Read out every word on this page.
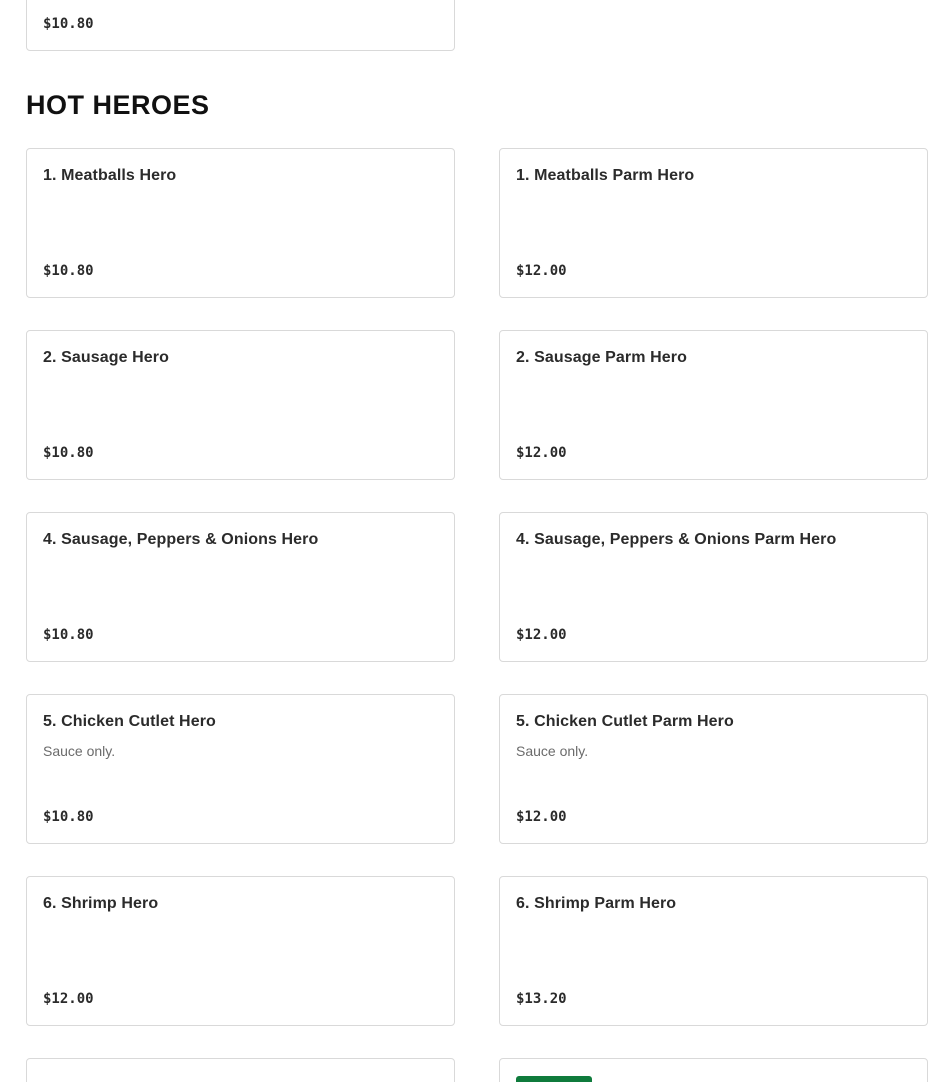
$10.80
HOT HEROES
1. Meatballs Hero
$10.80
1. Meatballs Parm Hero
$12.00
2. Sausage Hero
$10.80
2. Sausage Parm Hero
$12.00
4. Sausage, Peppers & Onions Hero
$10.80
4. Sausage, Peppers & Onions Parm Hero
$12.00
5. Chicken Cutlet Hero
Sauce only.
$10.80
5. Chicken Cutlet Parm Hero
Sauce only.
$12.00
6. Shrimp Hero
$12.00
6. Shrimp Parm Hero
$13.20
